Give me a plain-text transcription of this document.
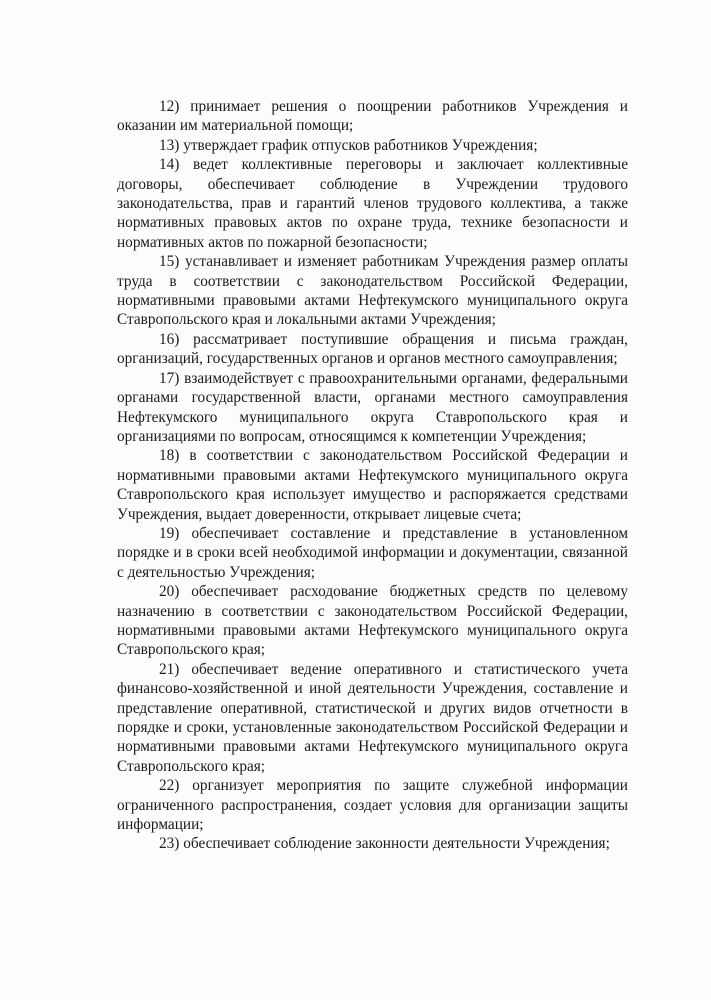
12) принимает решения о поощрении работников Учреждения и оказании им материальной помощи;

13) утверждает график отпусков работников Учреждения;

14) ведет коллективные переговоры и заключает коллективные договоры, обеспечивает соблюдение в Учреждении трудового законодательства, прав и гарантий членов трудового коллектива, а также нормативных правовых актов по охране труда, технике безопасности и нормативных актов по пожарной безопасности;

15) устанавливает и изменяет работникам Учреждения размер оплаты труда в соответствии с законодательством Российской Федерации, нормативными правовыми актами Нефтекумского муниципального округа Ставропольского края и локальными актами Учреждения;

16) рассматривает поступившие обращения и письма граждан, организаций, государственных органов и органов местного самоуправления;

17) взаимодействует с правоохранительными органами, федеральными органами государственной власти, органами местного самоуправления Нефтекумского муниципального округа Ставропольского края и организациями по вопросам, относящимся к компетенции Учреждения;

18) в соответствии с законодательством Российской Федерации и нормативными правовыми актами Нефтекумского муниципального округа Ставропольского края использует имущество и распоряжается средствами Учреждения, выдает доверенности, открывает лицевые счета;

19) обеспечивает составление и представление в установленном порядке и в сроки всей необходимой информации и документации, связанной с деятельностью Учреждения;

20) обеспечивает расходование бюджетных средств по целевому назначению в соответствии с законодательством Российской Федерации, нормативными правовыми актами Нефтекумского муниципального округа Ставропольского края;

21) обеспечивает ведение оперативного и статистического учета финансово-хозяйственной и иной деятельности Учреждения, составление и представление оперативной, статистической и других видов отчетности в порядке и сроки, установленные законодательством Российской Федерации и нормативными правовыми актами Нефтекумского муниципального округа Ставропольского края;

22) организует мероприятия по защите служебной информации ограниченного распространения, создает условия для организации защиты информации;

23) обеспечивает соблюдение законности деятельности Учреждения;
